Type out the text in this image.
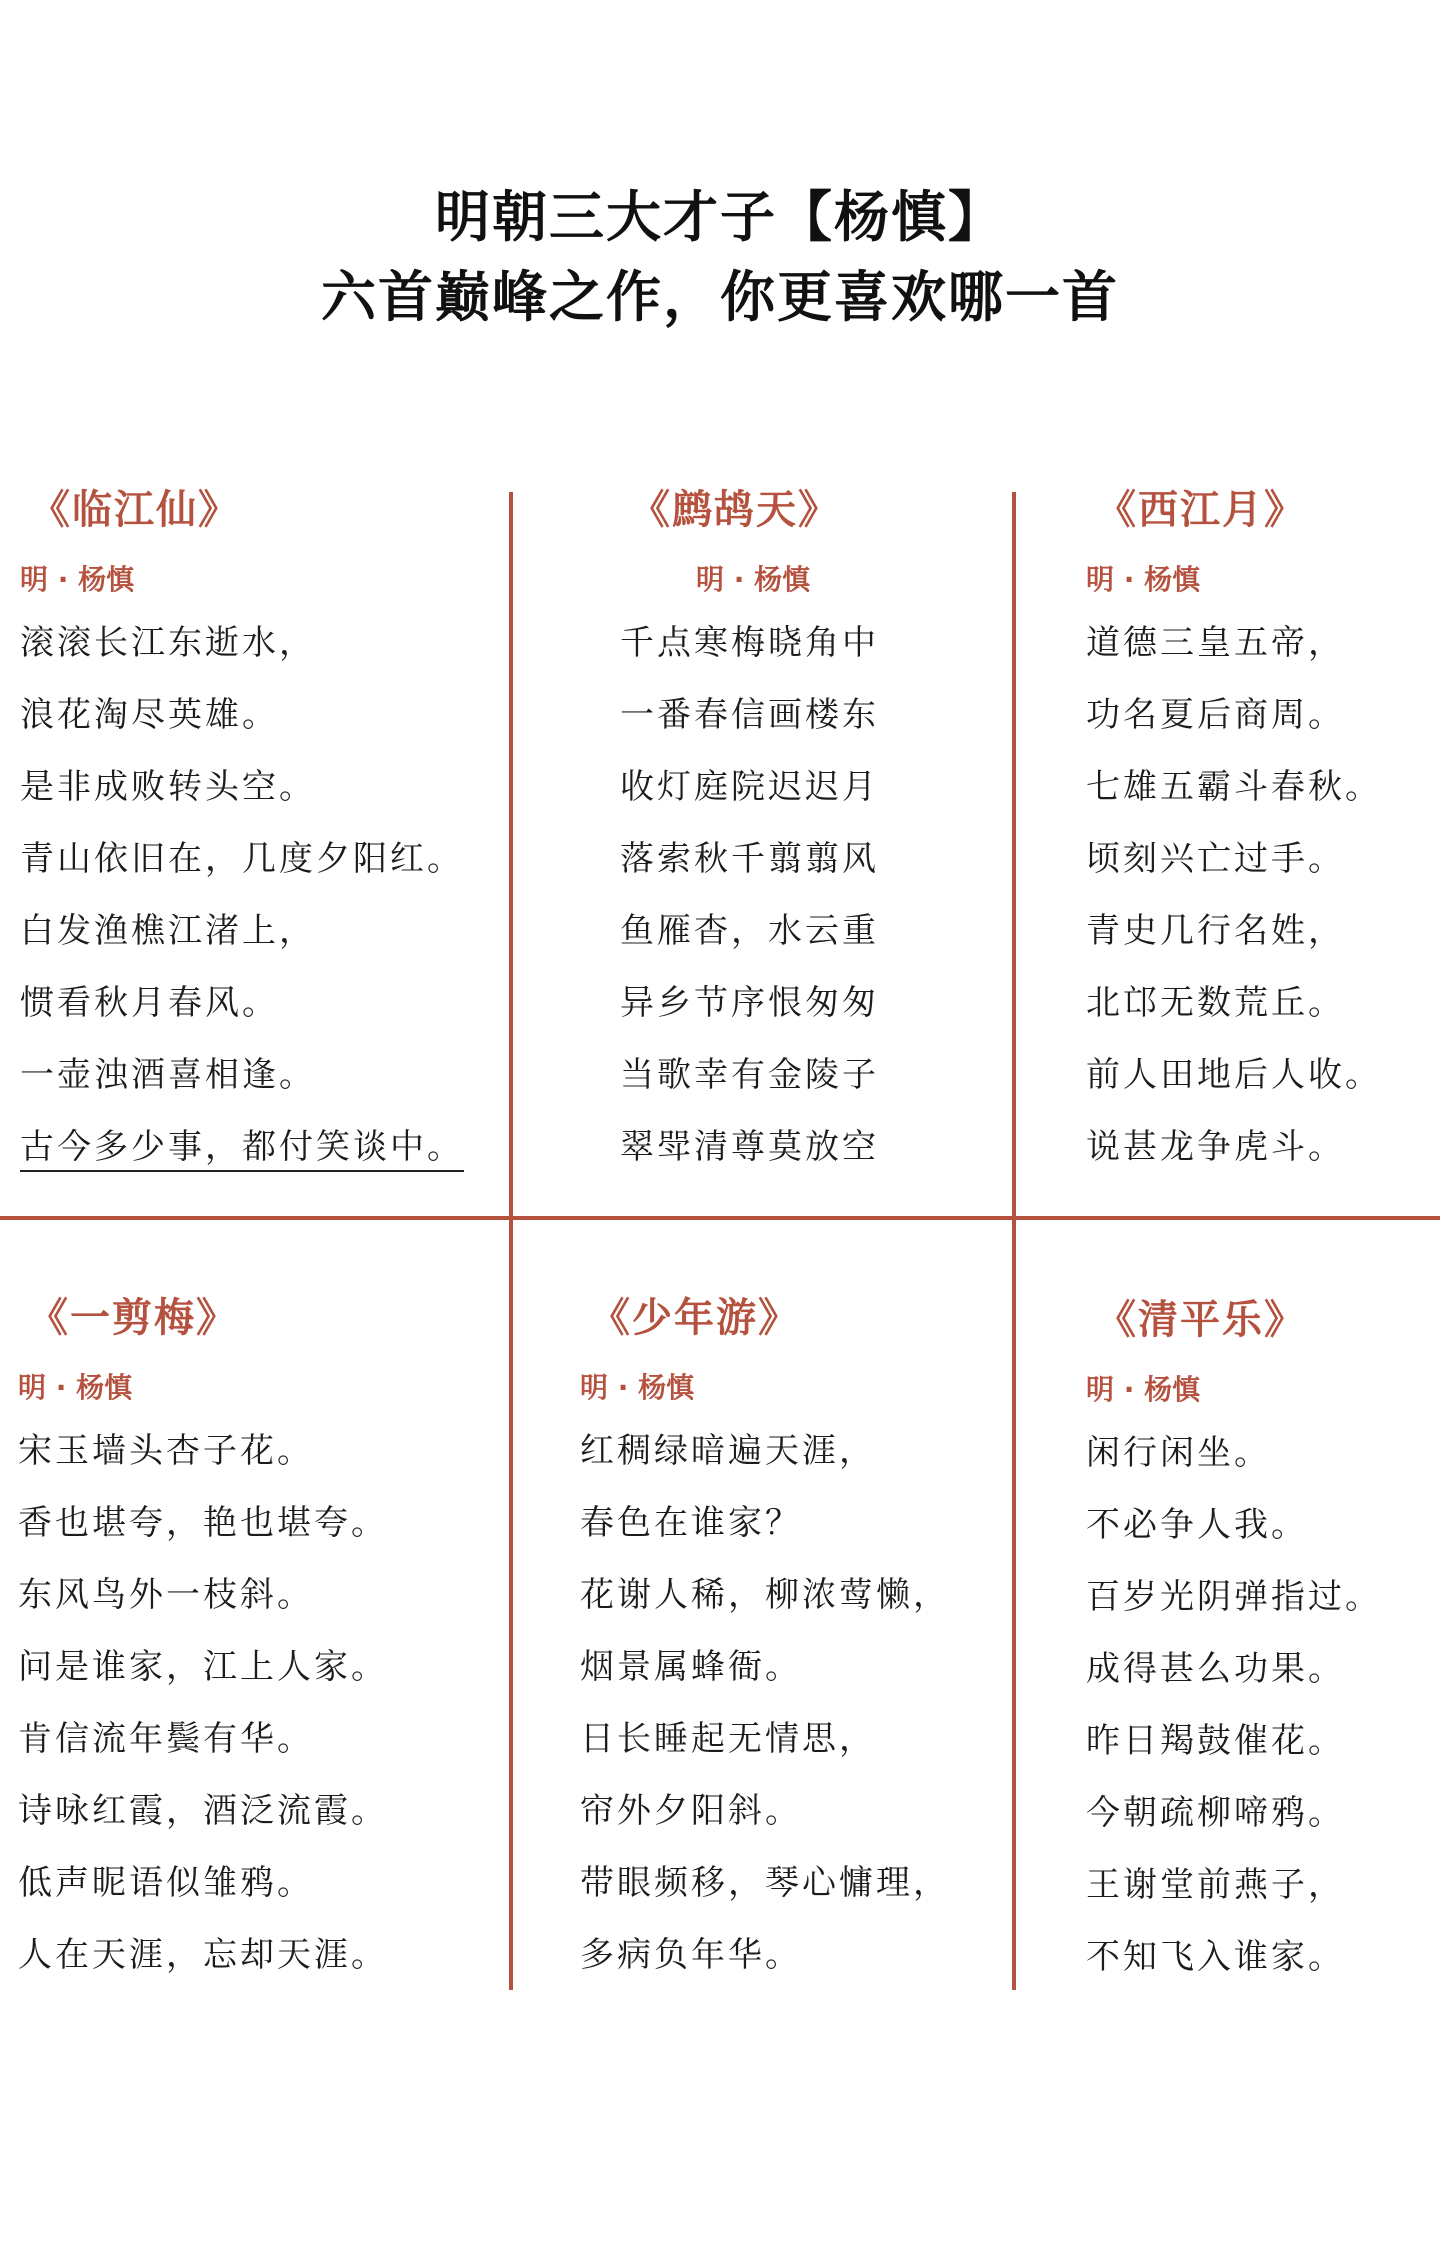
明朝三大才子【杨慎】
六首巅峰之作，你更喜欢哪一首
《临江仙》
明 · 杨慎
滚滚长江东逝水，
浪花淘尽英雄。
是非成败转头空。
青山依旧在，几度夕阳红。
白发渔樵江渚上，
惯看秋月春风。
一壶浊酒喜相逢。
古今多少事，都付笑谈中。
《鹧鸪天》
明 · 杨慎
千点寒梅晓角中
一番春信画楼东
收灯庭院迟迟月
落索秋千翦翦风
鱼雁杳，水云重
异乡节序恨匆匆
当歌幸有金陵子
翠斝清尊莫放空
《西江月》
明 · 杨慎
道德三皇五帝，
功名夏后商周。
七雄五霸斗春秋。
顷刻兴亡过手。
青史几行名姓，
北邙无数荒丘。
前人田地后人收。
说甚龙争虎斗。
《一剪梅》
明 · 杨慎
宋玉墙头杏子花。
香也堪夸，艳也堪夸。
东风鸟外一枝斜。
问是谁家，江上人家。
肯信流年鬓有华。
诗咏红霞，酒泛流霞。
低声昵语似雏鸦。
人在天涯，忘却天涯。
《少年游》
明 · 杨慎
红稠绿暗遍天涯，
春色在谁家？
花谢人稀，柳浓莺懒，
烟景属蜂衙。
日长睡起无情思，
帘外夕阳斜。
带眼频移，琴心慵理，
多病负年华。
《清平乐》
明 · 杨慎
闲行闲坐。
不必争人我。
百岁光阴弹指过。
成得甚么功果。
昨日羯鼓催花。
今朝疏柳啼鸦。
王谢堂前燕子，
不知飞入谁家。
